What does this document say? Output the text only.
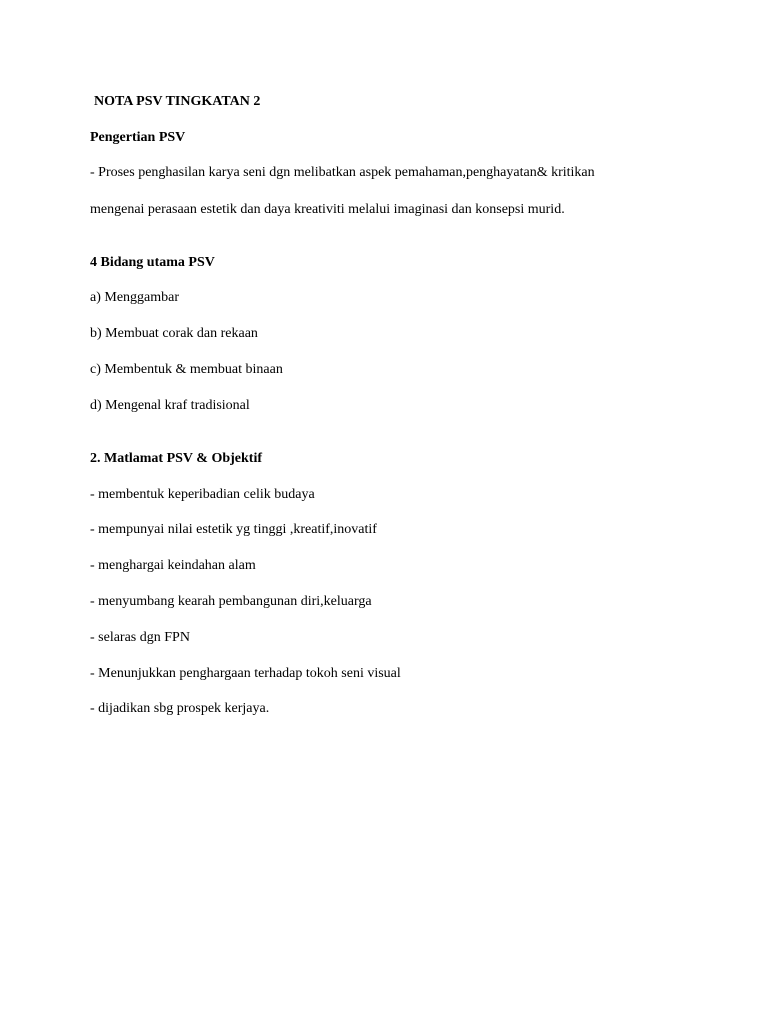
NOTA PSV TINGKATAN 2
Pengertian PSV
- Proses penghasilan karya seni dgn melibatkan aspek pemahaman,penghayatan& kritikan
mengenai perasaan estetik dan daya kreativiti melalui imaginasi dan konsepsi murid.
4 Bidang utama PSV
a) Menggambar
b) Membuat corak dan rekaan
c) Membentuk & membuat binaan
d) Mengenal kraf tradisional
2. Matlamat PSV & Objektif
- membentuk keperibadian celik budaya
- mempunyai nilai estetik yg tinggi ,kreatif,inovatif
- menghargai keindahan alam
- menyumbang kearah pembangunan diri,keluarga
- selaras dgn FPN
- Menunjukkan penghargaan terhadap tokoh seni visual
- dijadikan sbg prospek kerjaya.
